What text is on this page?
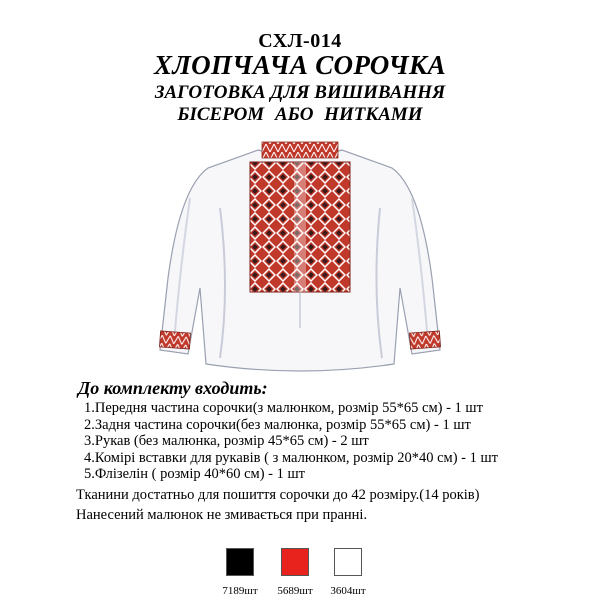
СХЛ-014
ХЛОПЧАЧА СОРОЧКА
ЗАГОТОВКА ДЛЯ ВИШИВАННЯ
БІСЕРОМ АБО НИТКАМИ
До комплекту входить:
1.Передня частина сорочки(з малюнком, розмір 55*65 см) - 1 шт
2.Задня частина сорочки(без малюнка, розмір 55*65 см) - 1 шт
3.Рукав (без малюнка, розмір 45*65 см) - 2 шт
4.Комірі вставки для рукавів ( з малюнком, розмір 20*40 см) - 1 шт
5.Флізелін ( розмір 40*60 см) - 1 шт
Тканини достатньо для пошиття сорочки до 42 розміру.(14 років)
Нанесений малюнок не змивається при пранні.
7189шт	5689шт	3604шт
